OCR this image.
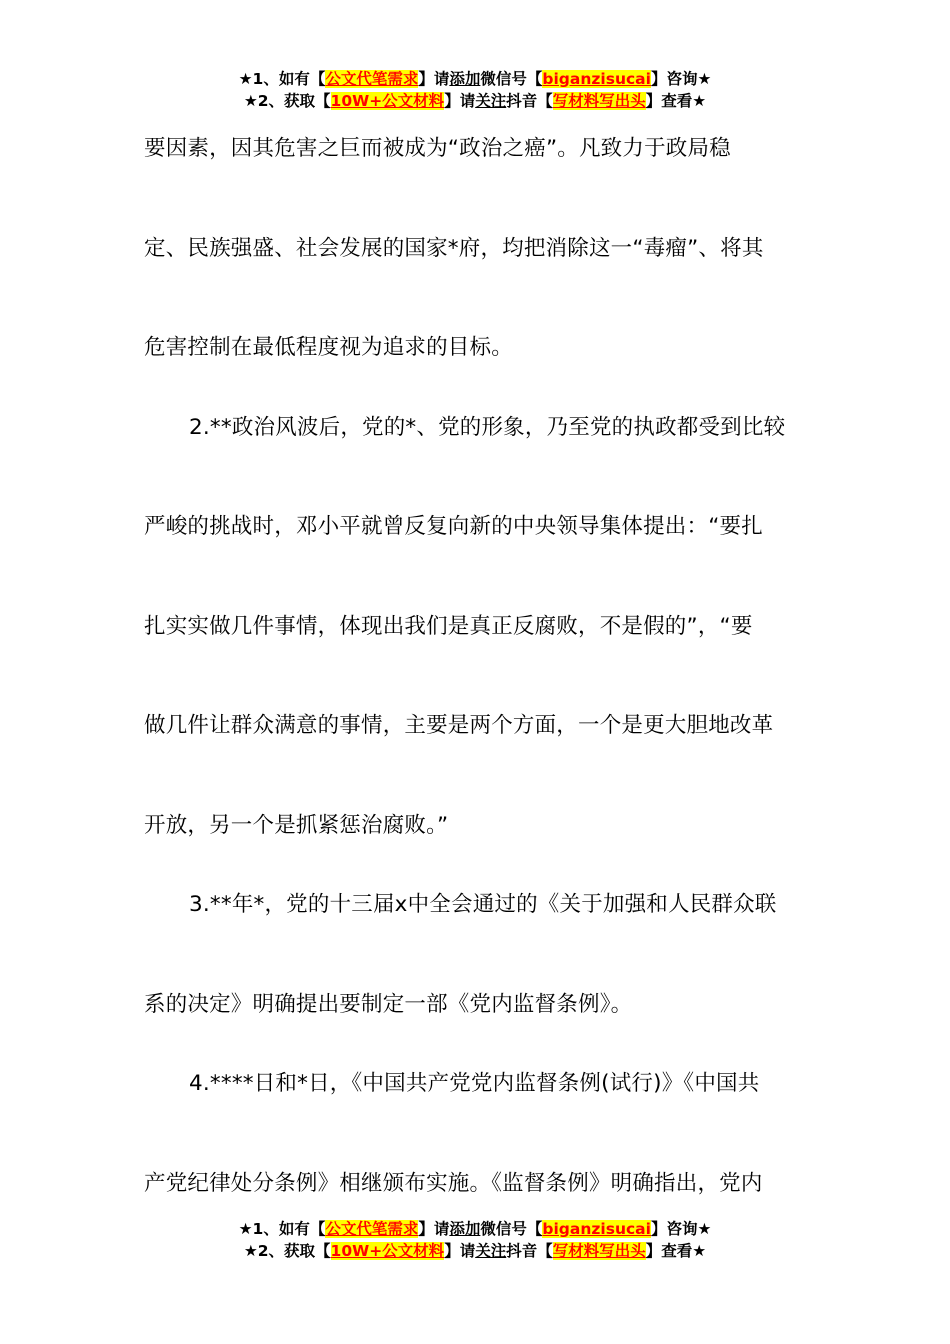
★1、如有【公文代笔需求】请添加微信号【biganzisucai】咨询★
★2、获取【10W+公文材料】请关注抖音【写材料写出头】查看★
要因素，因其危害之巨而被成为“政治之癌”。凡致力于政局稳
定、民族强盛、社会发展的国家*府，均把消除这一“毒瘤”、将其
危害控制在最低程度视为追求的目标。
2.**政治风波后，党的*、党的形象，乃至党的执政都受到比较
严峻的挑战时，邓小平就曾反复向新的中央领导集体提出：“要扎
扎实实做几件事情，体现出我们是真正反腐败，不是假的”，“要
做几件让群众满意的事情，主要是两个方面，一个是更大胆地改革
开放，另一个是抓紧惩治腐败。”
3.**年*，党的十三届x中全会通过的《关于加强和人民群众联
系的决定》明确提出要制定一部《党内监督条例》。
4.****日和*日，《中国共产党党内监督条例(试行)》《中国共
产党纪律处分条例》相继颁布实施。《监督条例》明确指出，党内
★1、如有【公文代笔需求】请添加微信号【biganzisucai】咨询★
★2、获取【10W+公文材料】请关注抖音【写材料写出头】查看★
